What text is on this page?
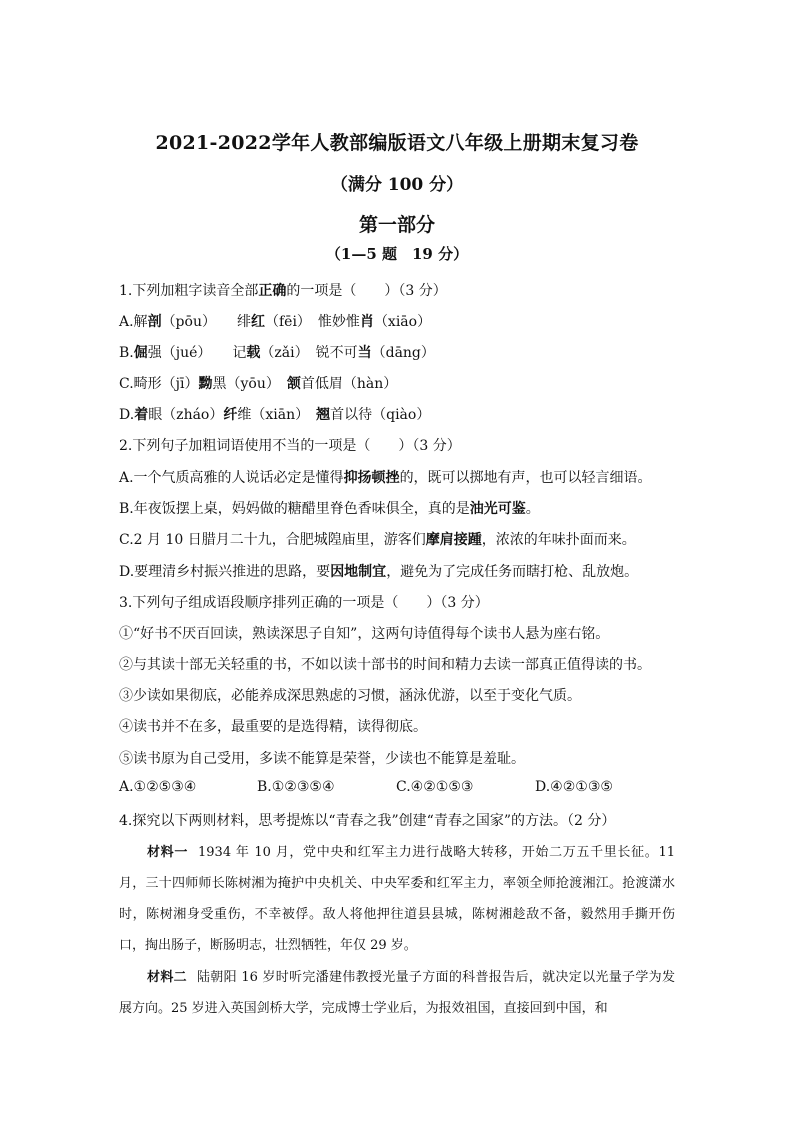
2021-2022学年人教部编版语文八年级上册期末复习卷
（满分 100 分）
第一部分
（1—5 题　19 分）
1.下列加粗字读音全部正确的一项是（　　）（3 分）
A.解剖（pōu）　　绯红（fēi）　惟妙惟肖（xiāo）
B.倔强（jué）　　记载（zǎi）　锐不可当（dāng）
C.畸形（jī）黝黑（yōu）　 颔首低眉（hàn）
D.着眼（zháo）纤维（xiān）　 翘首以待（qiào）
2.下列句子加粗词语使用不当的一项是（　　）（3 分）
A.一个气质高雅的人说话必定是懂得抑扬顿挫的，既可以掷地有声，也可以轻言细语。
B.年夜饭摆上桌，妈妈做的糖醋里脊色香味俱全，真的是油光可鉴。
C.2 月 10 日腊月二十九，合肥城隍庙里，游客们摩肩接踵，浓浓的年味扑面而来。
D.要理清乡村振兴推进的思路，要因地制宜，避免为了完成任务而瞎打枪、乱放炮。
3.下列句子组成语段顺序排列正确的一项是（　　）（3 分）
①“好书不厌百回读，熟读深思子自知”，这两句诗值得每个读书人悬为座右铭。
②与其读十部无关轻重的书，不如以读十部书的时间和精力去读一部真正值得读的书。
③少读如果彻底，必能养成深思熟虑的习惯，涵泳优游，以至于变化气质。
④读书并不在多，最重要的是选得精，读得彻底。
⑤读书原为自己受用，多读不能算是荣誉，少读也不能算是羞耻。
A.①②⑤③④	B.①②③⑤④	C.④②①⑤③	D.④②①③⑤
4.探究以下两则材料，思考提炼以“青春之我”创建“青春之国家”的方法。（2 分）
材料一 1934 年 10 月，党中央和红军主力进行战略大转移，开始二万五千里长征。11 月，三十四师师长陈树湘为掩护中央机关、中央军委和红军主力，率领全师抢渡湘江。抢渡潇水时，陈树湘身受重伤，不幸被俘。敌人将他押往道县县城，陈树湘趁敌不备，毅然用手撕开伤口，掏出肠子，断肠明志，壮烈牺牲，年仅 29 岁。
材料二 陆朝阳 16 岁时听完潘建伟教授光量子方面的科普报告后，就决定以光量子学为发展方向。25 岁进入英国剑桥大学，完成博士学业后，为报效祖国，直接回到中国，和
